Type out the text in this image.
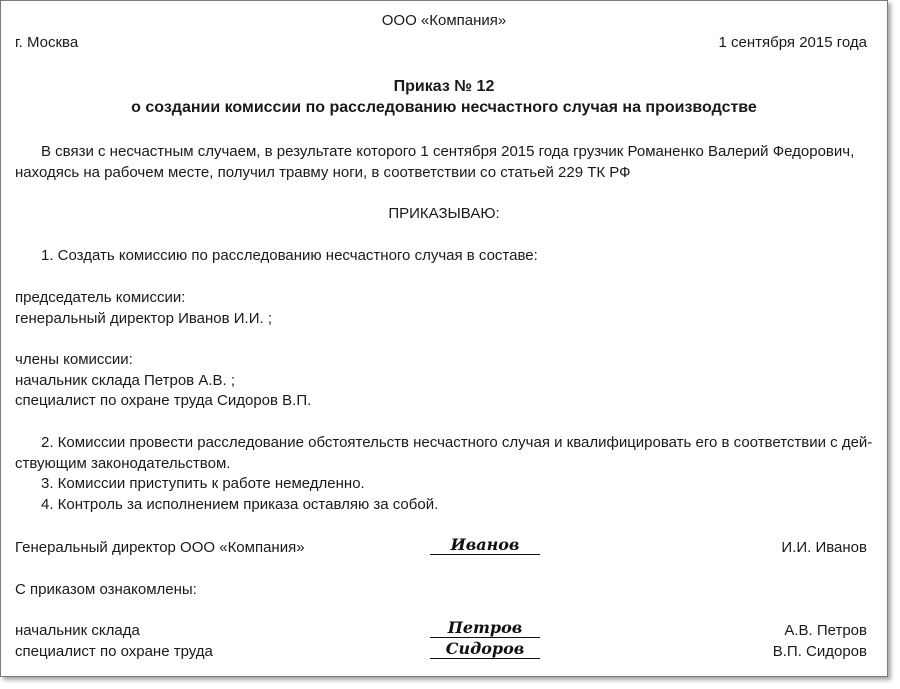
ООО «Компания»
г. Москва	1 сентября 2015 года
Приказ № 12
о создании комиссии по расследованию несчастного случая на производстве
В связи с несчастным случаем, в результате которого 1 сентября 2015 года грузчик Романенко Валерий Федорович,
находясь на рабочем месте, получил травму ноги, в соответствии со статьей 229 ТК РФ
ПРИКАЗЫВАЮ:
1. Создать комиссию по расследованию несчастного случая в составе:
председатель комиссии:
генеральный директор Иванов И.И. ;
члены комиссии:
начальник склада Петров А.В. ;
специалист по охране труда Сидоров В.П.
2. Комиссии провести расследование обстоятельств несчастного случая и квалифицировать его в соответствии с дей-
ствующим законодательством.
3. Комиссии приступить к работе немедленно.
4. Контроль за исполнением приказа оставляю за собой.
Генеральный директор ООО «Компания»	Иванов	И.И. Иванов
С приказом ознакомлены:
начальник склада	Петров	А.В. Петров
специалист по охране труда	Сидоров	В.П. Сидоров
